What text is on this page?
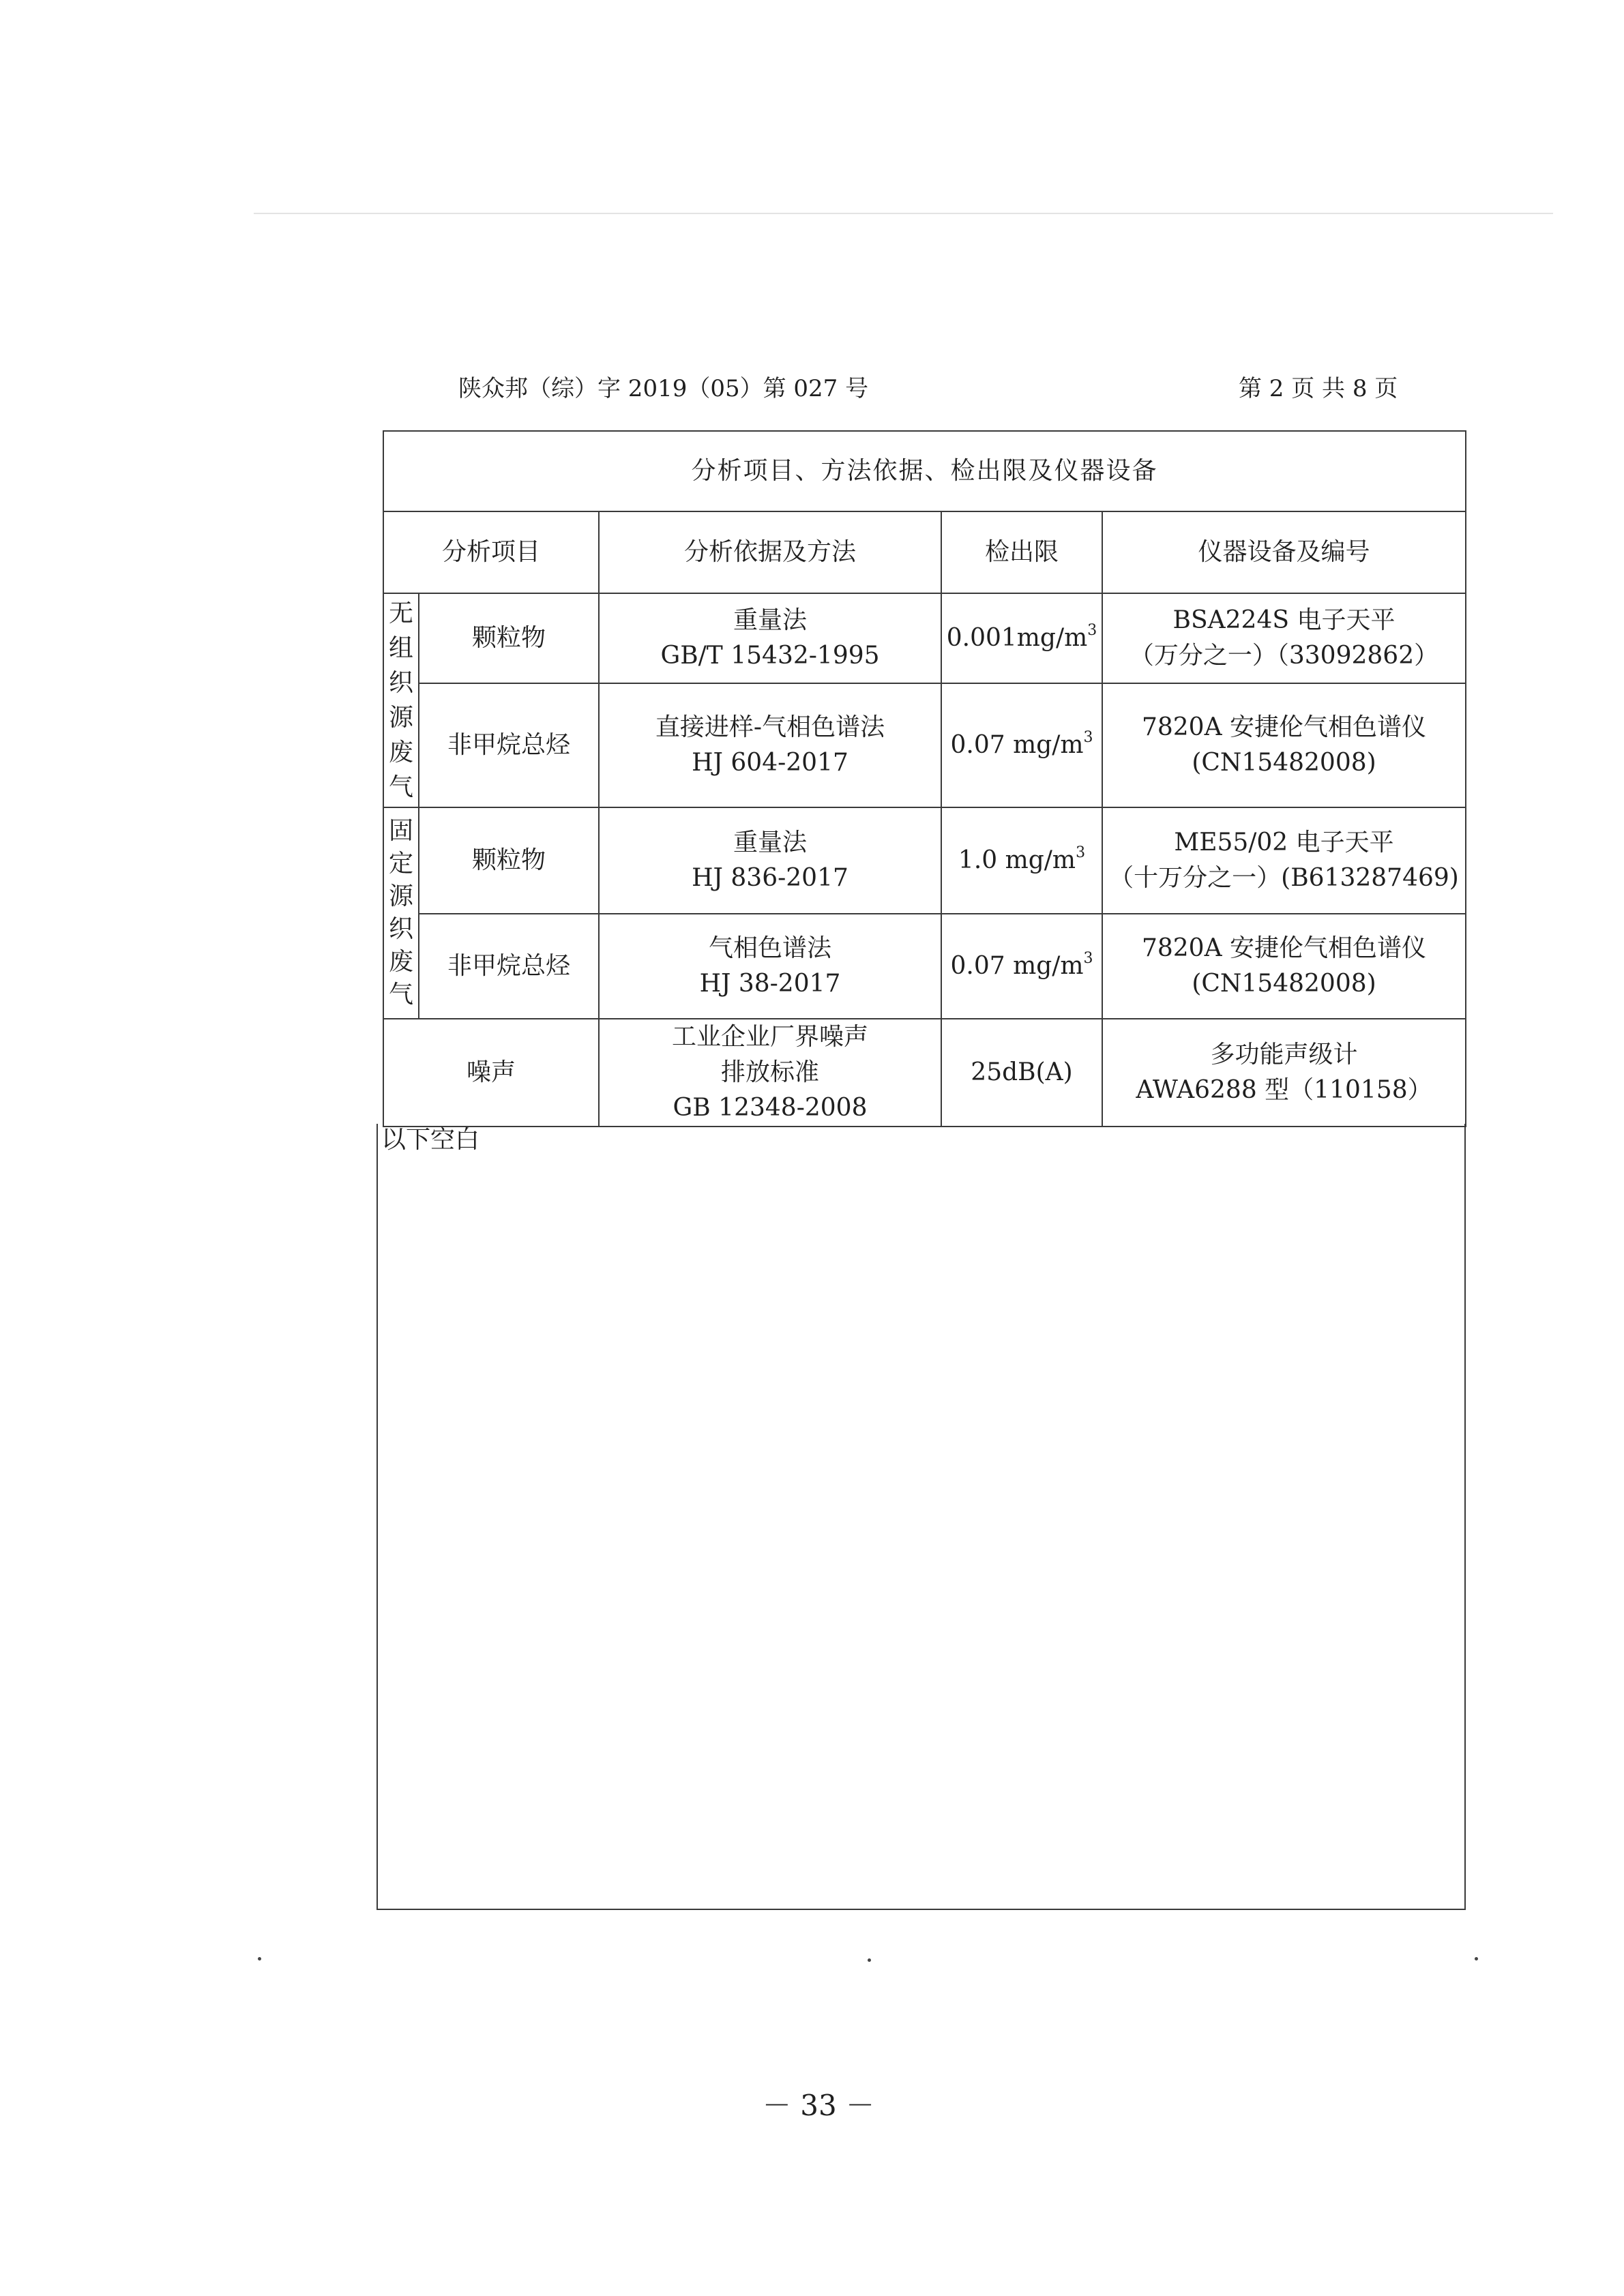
陕众邦（综）字 2019（05）第 027 号	第 2 页 共 8 页
分析项目、方法依据、检出限及仪器设备				
分析项目		分析依据及方法	检出限	仪器设备及编号

无组织源废气	颗粒物	重量法
GB/T 15432-1995	$0.001mg/m^3$	BSA224S 电子天平
（万分之一）（33092862）

	非甲烷总烃	直接进样-气相色谱法
HJ 604-2017	0.07 $mg/m^3$	7820A 安捷伦气相色谱仪
(CN15482008)

固定源织废气	颗粒物	重量法
HJ 836-2017	1.0 $mg/m^3$	ME55/02 电子天平
（十万分之一）(B613287469)

	非甲烷总烃	气相色谱法
HJ 38-2017	0.07 $mg/m^3$	7820A 安捷伦气相色谱仪
(CN15482008)

噪声		工业企业厂界噪声
排放标准
GB 12348-2008	25dB(A)	多功能声级计
AWA6288 型（110158）
以下空白
－ 33 －
